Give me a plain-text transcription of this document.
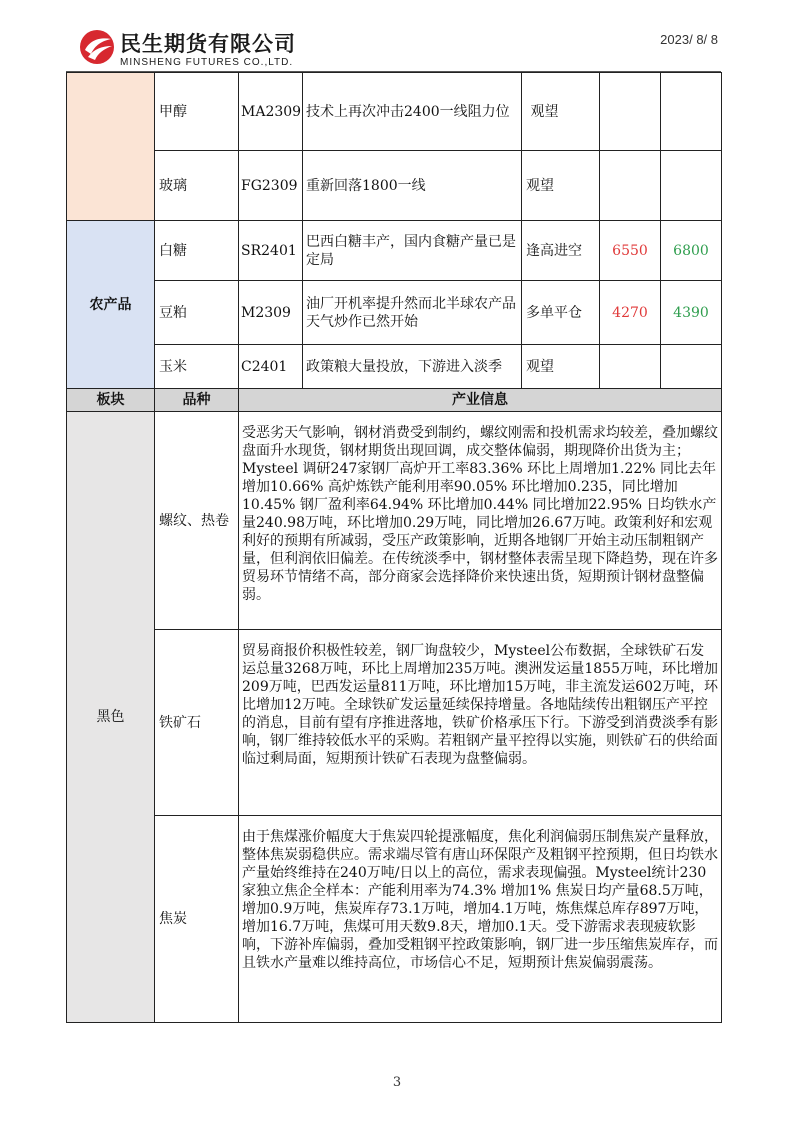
民生期货有限公司
MINSHENG FUTURES CO.,LTD.
2023/ 8/ 8
	甲醇	MA2309	技术上再次冲击2400一线阻力位	观望		
	玻璃	FG2309	重新回落1800一线	观望		
农产品	白糖	SR2401	巴西白糖丰产，国内食糖产量已是定局	逢高进空	6550	6800
	豆粕	M2309	油厂开机率提升然而北半球农产品天气炒作已然开始	多单平仓	4270	4390
	玉米	C2401	政策粮大量投放，下游进入淡季	观望		
板块	品种	产业信息				
黑色	螺纹、热卷	受恶劣天气影响，钢材消费受到制约，螺纹刚需和投机需求均较差，叠加螺纹盘面升水现货，钢材期货出现回调，成交整体偏弱，期现降价出货为主；Mysteel 调研247家钢厂高炉开工率83.36% 环比上周增加1.22% 同比去年增加10.66% 高炉炼铁产能利用率90.05% 环比增加0.235，同比增加10.45% 钢厂盈利率64.94% 环比增加0.44% 同比增加22.95% 日均铁水产量240.98万吨，环比增加0.29万吨，同比增加26.67万吨。政策利好和宏观利好的预期有所减弱，受压产政策影响，近期各地钢厂开始主动压制粗钢产量，但利润依旧偏差。在传统淡季中，钢材整体表需呈现下降趋势，现在许多贸易环节情绪不高，部分商家会选择降价来快速出货，短期预计钢材盘整偏弱。				
	铁矿石	贸易商报价积极性较差，钢厂询盘较少，Mysteel公布数据，全球铁矿石发运总量3268万吨，环比上周增加235万吨。澳洲发运量1855万吨，环比增加209万吨，巴西发运量811万吨，环比增加15万吨，非主流发运602万吨，环比增加12万吨。全球铁矿发运量延续保持增量。各地陆续传出粗钢压产平控的消息，目前有望有序推进落地，铁矿价格承压下行。下游受到消费淡季有影响，钢厂维持较低水平的采购。若粗钢产量平控得以实施，则铁矿石的供给面临过剩局面，短期预计铁矿石表现为盘整偏弱。				
	焦炭	由于焦煤涨价幅度大于焦炭四轮提涨幅度，焦化利润偏弱压制焦炭产量释放，整体焦炭弱稳供应。需求端尽管有唐山环保限产及粗钢平控预期，但日均铁水产量始终维持在240万吨/日以上的高位，需求表现偏强。Mysteel统计230家独立焦企全样本：产能利用率为74.3% 增加1% 焦炭日均产量68.5万吨，增加0.9万吨，焦炭库存73.1万吨，增加4.1万吨，炼焦煤总库存897万吨，增加16.7万吨，焦煤可用天数9.8天，增加0.1天。受下游需求表现疲软影响，下游补库偏弱，叠加受粗钢平控政策影响，钢厂进一步压缩焦炭库存，而且铁水产量难以维持高位，市场信心不足，短期预计焦炭偏弱震荡。				
3
